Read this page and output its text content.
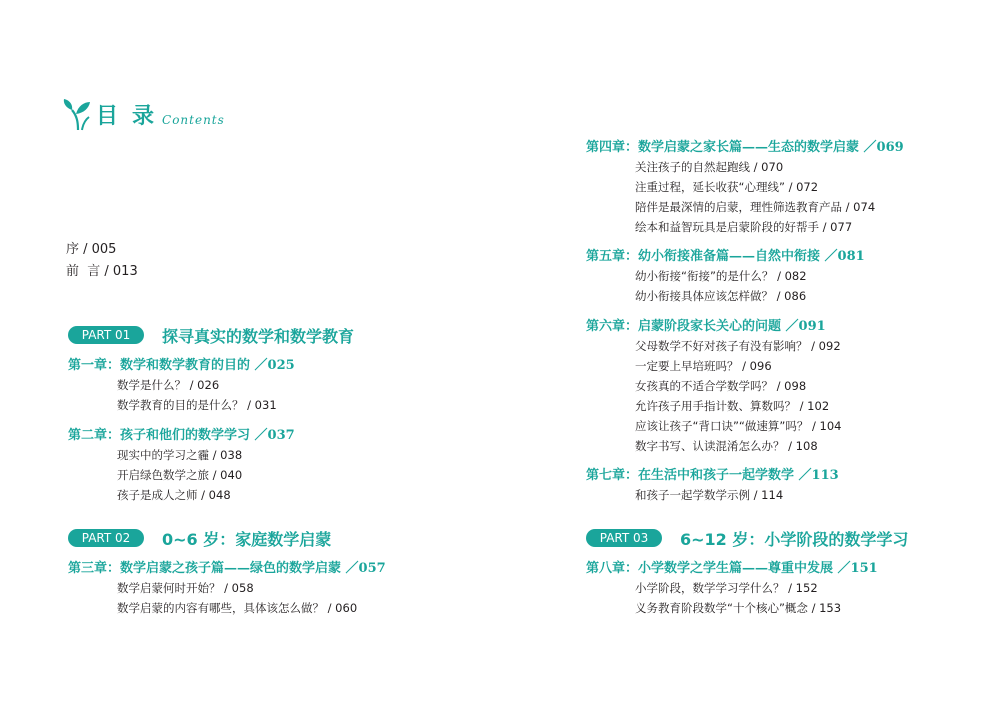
目录
Contents
序 / 005
前  言 / 013
PART 01	探寻真实的数学和数学教育
第一章：数学和数学教育的目的 ／025
数学是什么？ / 026
数学教育的目的是什么？ / 031
第二章：孩子和他们的数学学习 ／037
现实中的学习之霾 / 038
开启绿色数学之旅 / 040
孩子是成人之师 / 048
PART 02	0~6 岁：家庭数学启蒙
第三章：数学启蒙之孩子篇——绿色的数学启蒙 ／057
数学启蒙何时开始？ / 058
数学启蒙的内容有哪些，具体该怎么做？ / 060
第四章：数学启蒙之家长篇——生态的数学启蒙 ／069
关注孩子的自然起跑线 / 070
注重过程，延长收获“心理线” / 072
陪伴是最深情的启蒙，理性筛选教育产品 / 074
绘本和益智玩具是启蒙阶段的好帮手 / 077
第五章：幼小衔接准备篇——自然中衔接 ／081
幼小衔接“衔接”的是什么？ / 082
幼小衔接具体应该怎样做？ / 086
第六章：启蒙阶段家长关心的问题 ／091
父母数学不好对孩子有没有影响？ / 092
一定要上早培班吗？ / 096
女孩真的不适合学数学吗？ / 098
允许孩子用手指计数、算数吗？ / 102
应该让孩子“背口诀”“做速算”吗？ / 104
数字书写、认读混淆怎么办？ / 108
第七章：在生活中和孩子一起学数学 ／113
和孩子一起学数学示例 / 114
PART 03	6~12 岁：小学阶段的数学学习
第八章：小学数学之学生篇——尊重中发展 ／151
小学阶段，数学学习学什么？ / 152
义务教育阶段数学“十个核心”概念 / 153
